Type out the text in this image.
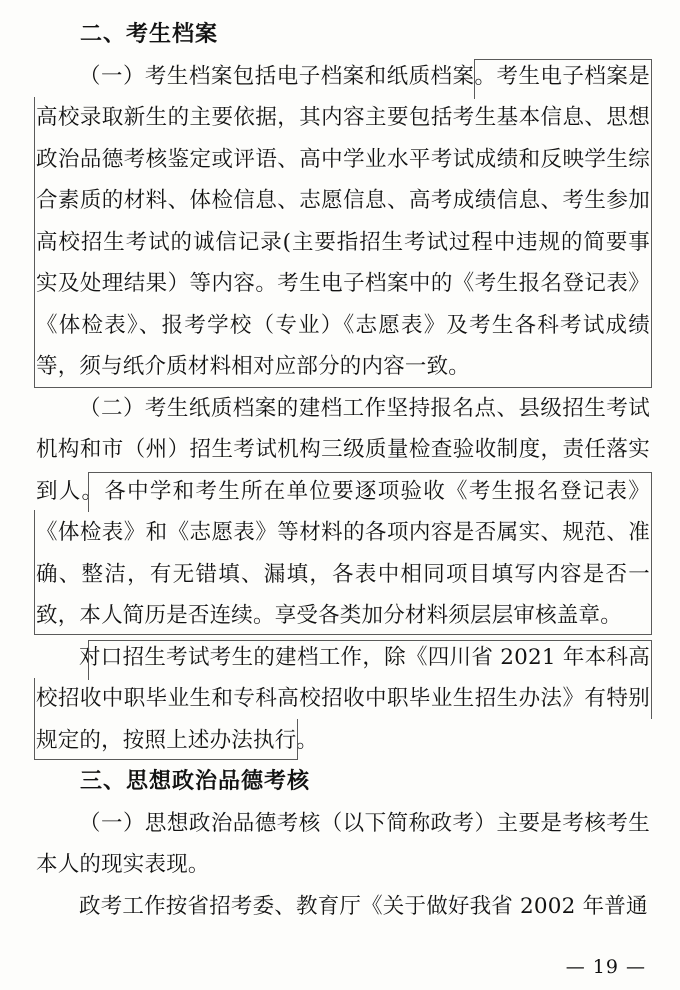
二、考生档案

（一）考生档案包括电子档案和纸质档案。考生电子档案是高校录取新生的主要依据，其内容主要包括考生基本信息、思想政治品德考核鉴定或评语、高中学业水平考试成绩和反映学生综合素质的材料、体检信息、志愿信息、高考成绩信息、考生参加高校招生考试的诚信记录(主要指招生考试过程中违规的简要事实及处理结果）等内容。考生电子档案中的《考生报名登记表》《体检表》、报考学校（专业）《志愿表》及考生各科考试成绩等，须与纸介质材料相对应部分的内容一致。

（二）考生纸质档案的建档工作坚持报名点、县级招生考试机构和市（州）招生考试机构三级质量检查验收制度，责任落实到人。各中学和考生所在单位要逐项验收《考生报名登记表》《体检表》和《志愿表》等材料的各项内容是否属实、规范、准确、整洁，有无错填、漏填，各表中相同项目填写内容是否一致，本人简历是否连续。享受各类加分材料须层层审核盖章。

对口招生考试考生的建档工作，除《四川省 2021 年本科高校招收中职毕业生和专科高校招收中职毕业生招生办法》有特别规定的，按照上述办法执行。

三、思想政治品德考核

（一）思想政治品德考核（以下简称政考）主要是考核考生本人的现实表现。

政考工作按省招考委、教育厅《关于做好我省 2002 年普通

— 19 —
